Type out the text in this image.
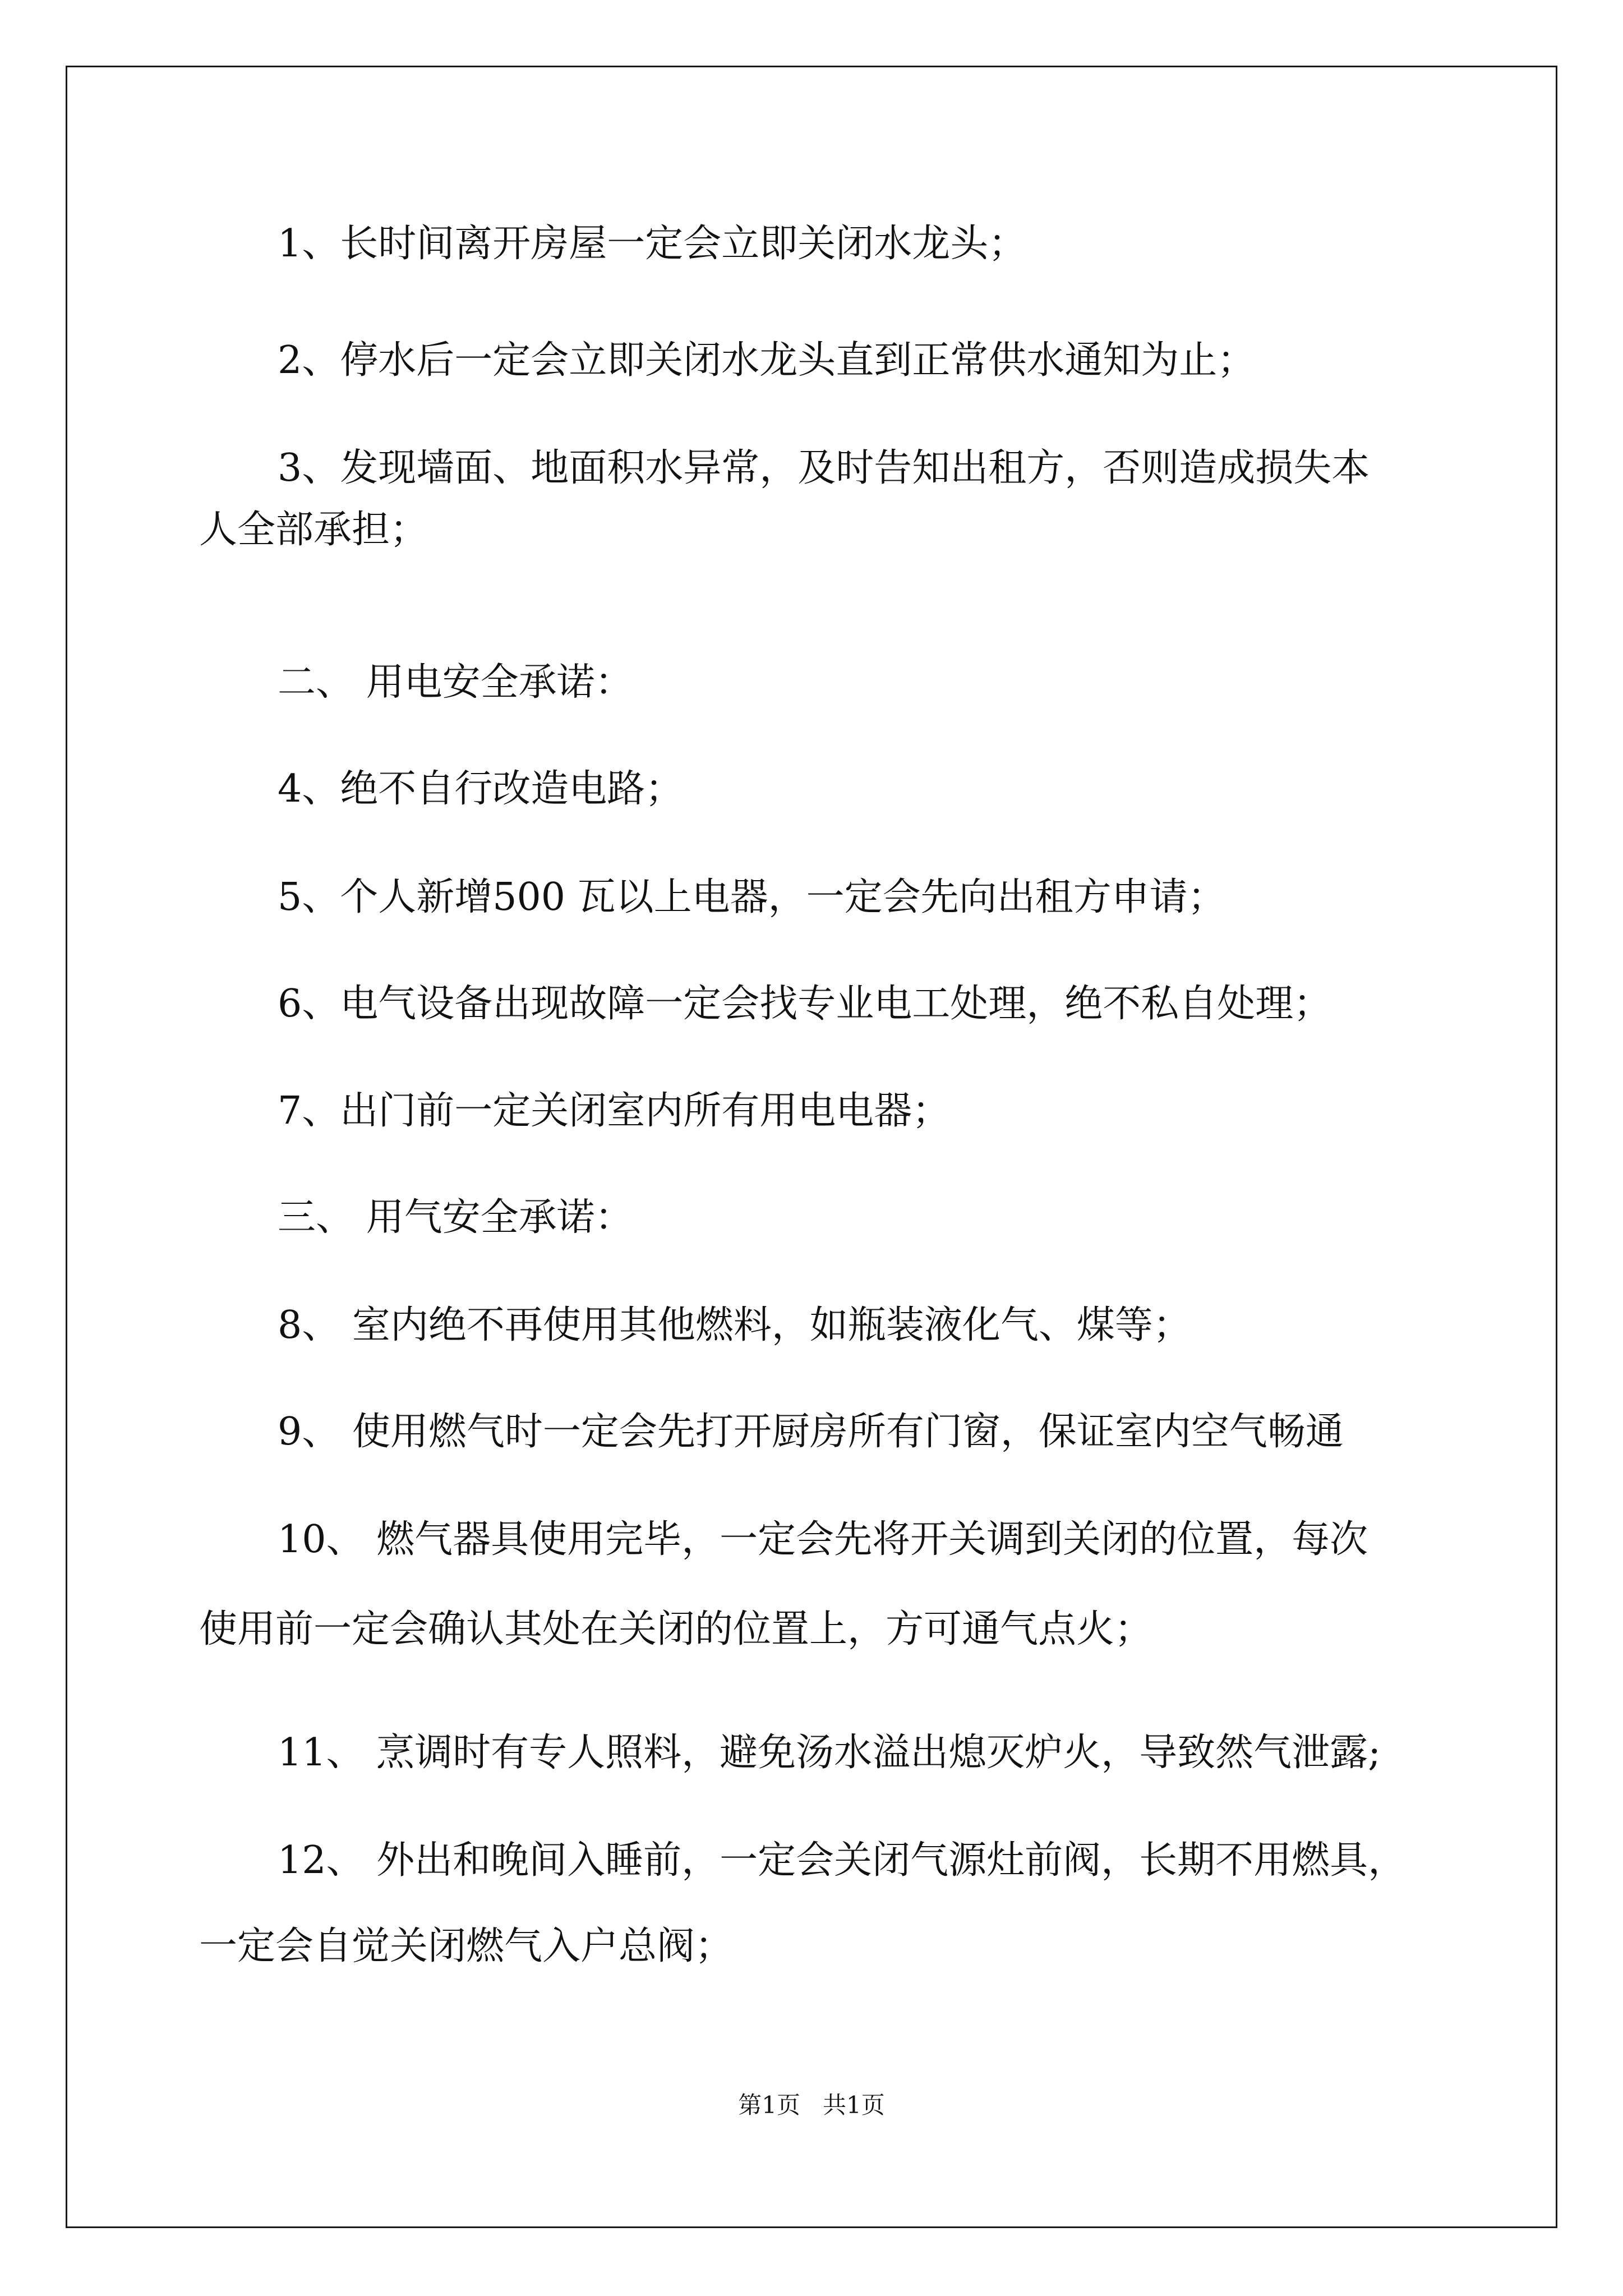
1、长时间离开房屋一定会立即关闭水龙头；
2、停水后一定会立即关闭水龙头直到正常供水通知为止；
3、发现墙面、地面积水异常，及时告知出租方，否则造成损失本
人全部承担；
二、 用电安全承诺：
4、绝不自行改造电路；
5、个人新增500 瓦以上电器，一定会先向出租方申请；
6、电气设备出现故障一定会找专业电工处理，绝不私自处理；
7、出门前一定关闭室内所有用电电器；
三、 用气安全承诺：
8、 室内绝不再使用其他燃料，如瓶装液化气、煤等；
9、 使用燃气时一定会先打开厨房所有门窗，保证室内空气畅通
10、 燃气器具使用完毕，一定会先将开关调到关闭的位置，每次
使用前一定会确认其处在关闭的位置上，方可通气点火；
11、 烹调时有专人照料，避免汤水溢出熄灭炉火，导致然气泄露;
12、 外出和晚间入睡前，一定会关闭气源灶前阀，长期不用燃具，
一定会自觉关闭燃气入户总阀；
第1页   共1页
